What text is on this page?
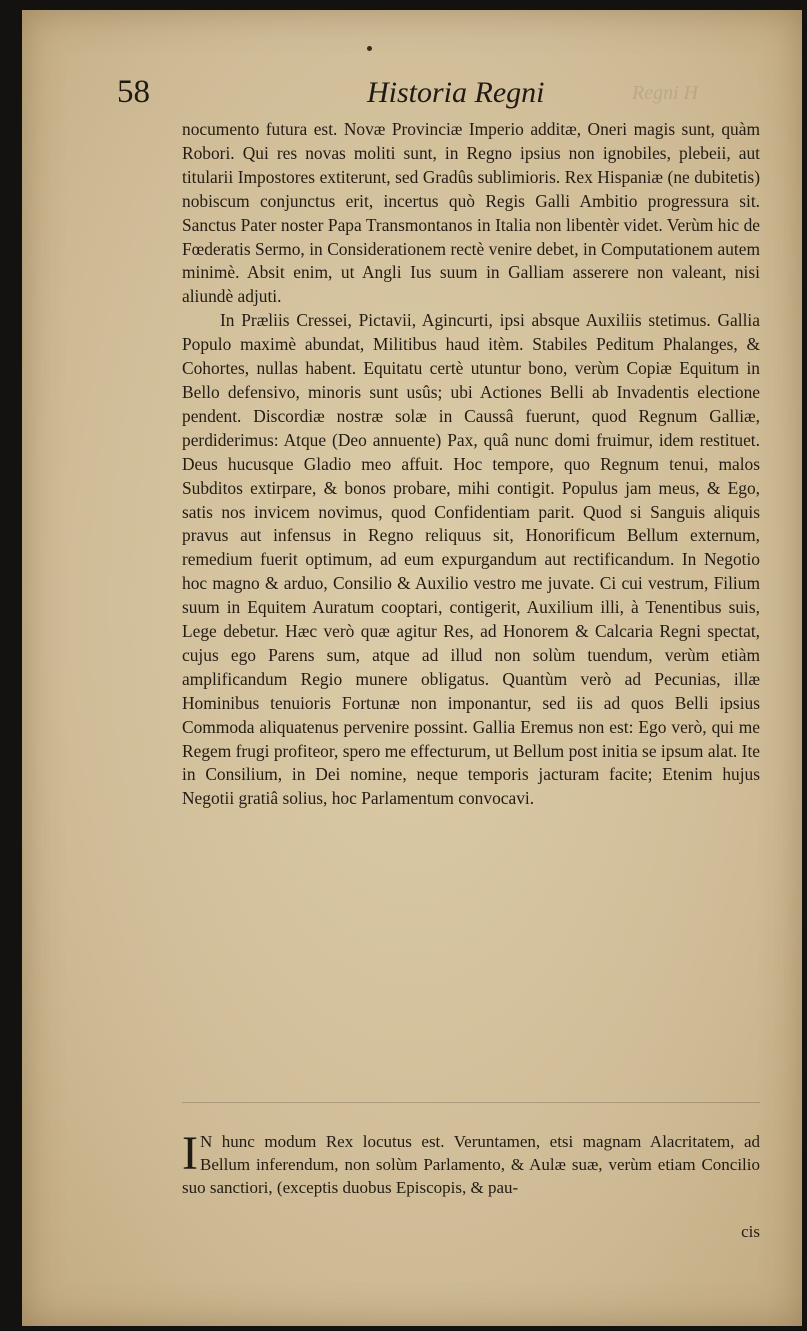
58	Historia Regni	Regni H

nocumento futura est. Novæ Provinciæ Imperio additæ, Oneri magis sunt, quàm Robori. Qui res novas moliti sunt, in Regno ipsius non ignobiles, plebeii, aut titularii Impostores extiterunt, sed Gradûs sublimioris. Rex Hispaniæ (ne dubitetis) nobiscum conjunctus erit, incertus quò Regis Galli Ambitio progressura sit. Sanctus Pater noster Papa Transmontanos in Italia non libentèr videt. Verùm hic de Fœderatis Sermo, in Considerationem rectè venire debet, in Computationem autem minimè. Absit enim, ut Angli Ius suum in Galliam asserere non valeant, nisi aliundè adjuti.

In Præliis Cressei, Pictavii, Agincurti, ipsi absque Auxiliis stetimus. Gallia Populo maximè abundat, Militibus haud itèm. Stabiles Peditum Phalanges, & Cohortes, nullas habent. Equitatu certè utuntur bono, verùm Copiæ Equitum in Bello defensivo, minoris sunt usûs; ubi Actiones Belli ab Invadentis electione pendent. Discordiæ nostræ solæ in Caussâ fuerunt, quod Regnum Galliæ, perdiderimus: Atque (Deo annuente) Pax, quâ nunc domi fruimur, idem restituet. Deus hucusque Gladio meo affuit. Hoc tempore, quo Regnum tenui, malos Subditos extirpare, & bonos probare, mihi contigit. Populus jam meus, & Ego, satis nos invicem novimus, quod Confidentiam parit. Quod si Sanguis aliquis pravus aut infensus in Regno reliquus sit, Honorificum Bellum externum, remedium fuerit optimum, ad eum expurgandum aut rectificandum. In Negotio hoc magno & arduo, Consilio & Auxilio vestro me juvate. Ci cui vestrum, Filium suum in Equitem Auratum cooptari, contigerit, Auxilium illi, à Tenentibus suis, Lege debetur. Hæc verò quæ agitur Res, ad Honorem & Calcaria Regni spectat, cujus ego Parens sum, atque ad illud non solùm tuendum, verùm etiàm amplificandum Regio munere obligatus. Quantùm verò ad Pecunias, illæ Hominibus tenuioris Fortunæ non imponantur, sed iis ad quos Belli ipsius Commoda aliquatenus pervenire possint. Gallia Eremus non est: Ego verò, qui me Regem frugi profiteor, spero me effecturum, ut Bellum post initia se ipsum alat. Ite in Consilium, in Dei nomine, neque temporis jacturam facite; Etenim hujus Negotii gratiâ solius, hoc Parlamentum convocavi.

I N hunc modum Rex locutus est. Veruntamen, etsi magnam Alacritatem, ad Bellum inferendum, non solùm Parlamento, & Aulæ suæ, verùm etiam Concilio suo sanctiori, (exceptis duobus Episcopis, & pau-

cis
